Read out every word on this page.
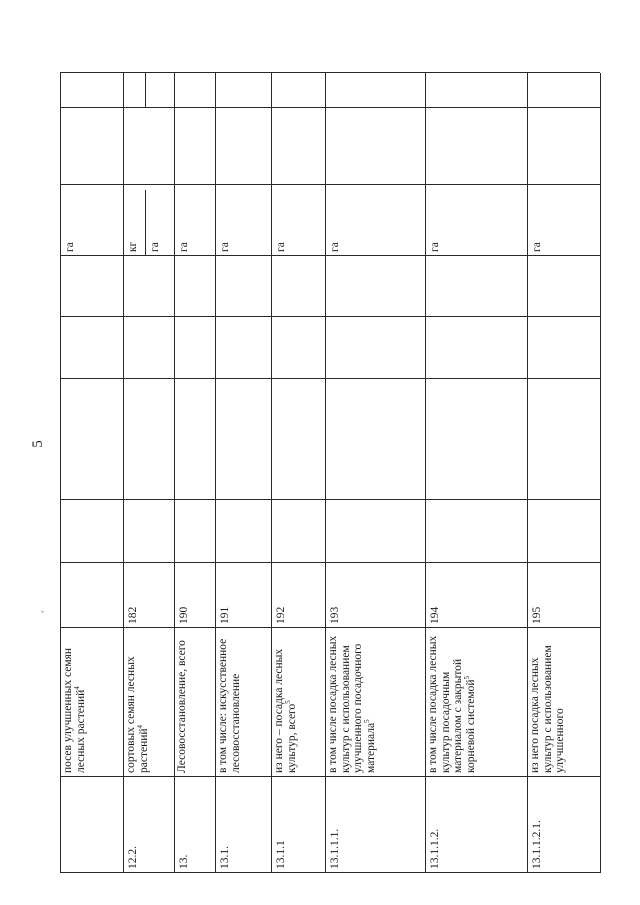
5
‘
посев улучшенных семян лесных растений$^4$
га
12.2.
сортовых семян лесных растений$^4$
182
кг га
13.
Лесовосстановление, всего
190
га
13.1.
в том числе: искусственное лесовосстановление
191
га
13.1.1
из него – посадка лесных культур, всего$^5$
192
га
13.1.1.1.
в том числе посадка лесных культур с использованием улучшенного посадочного материала$^5$
193
га
13.1.1.2.
в том числе посадка лесных культур посадочным материалом с закрытой корневой системой$^5$
194
га
13.1.1.2.1.
из него посадка лесных культур с использованием улучшенного
195
га
